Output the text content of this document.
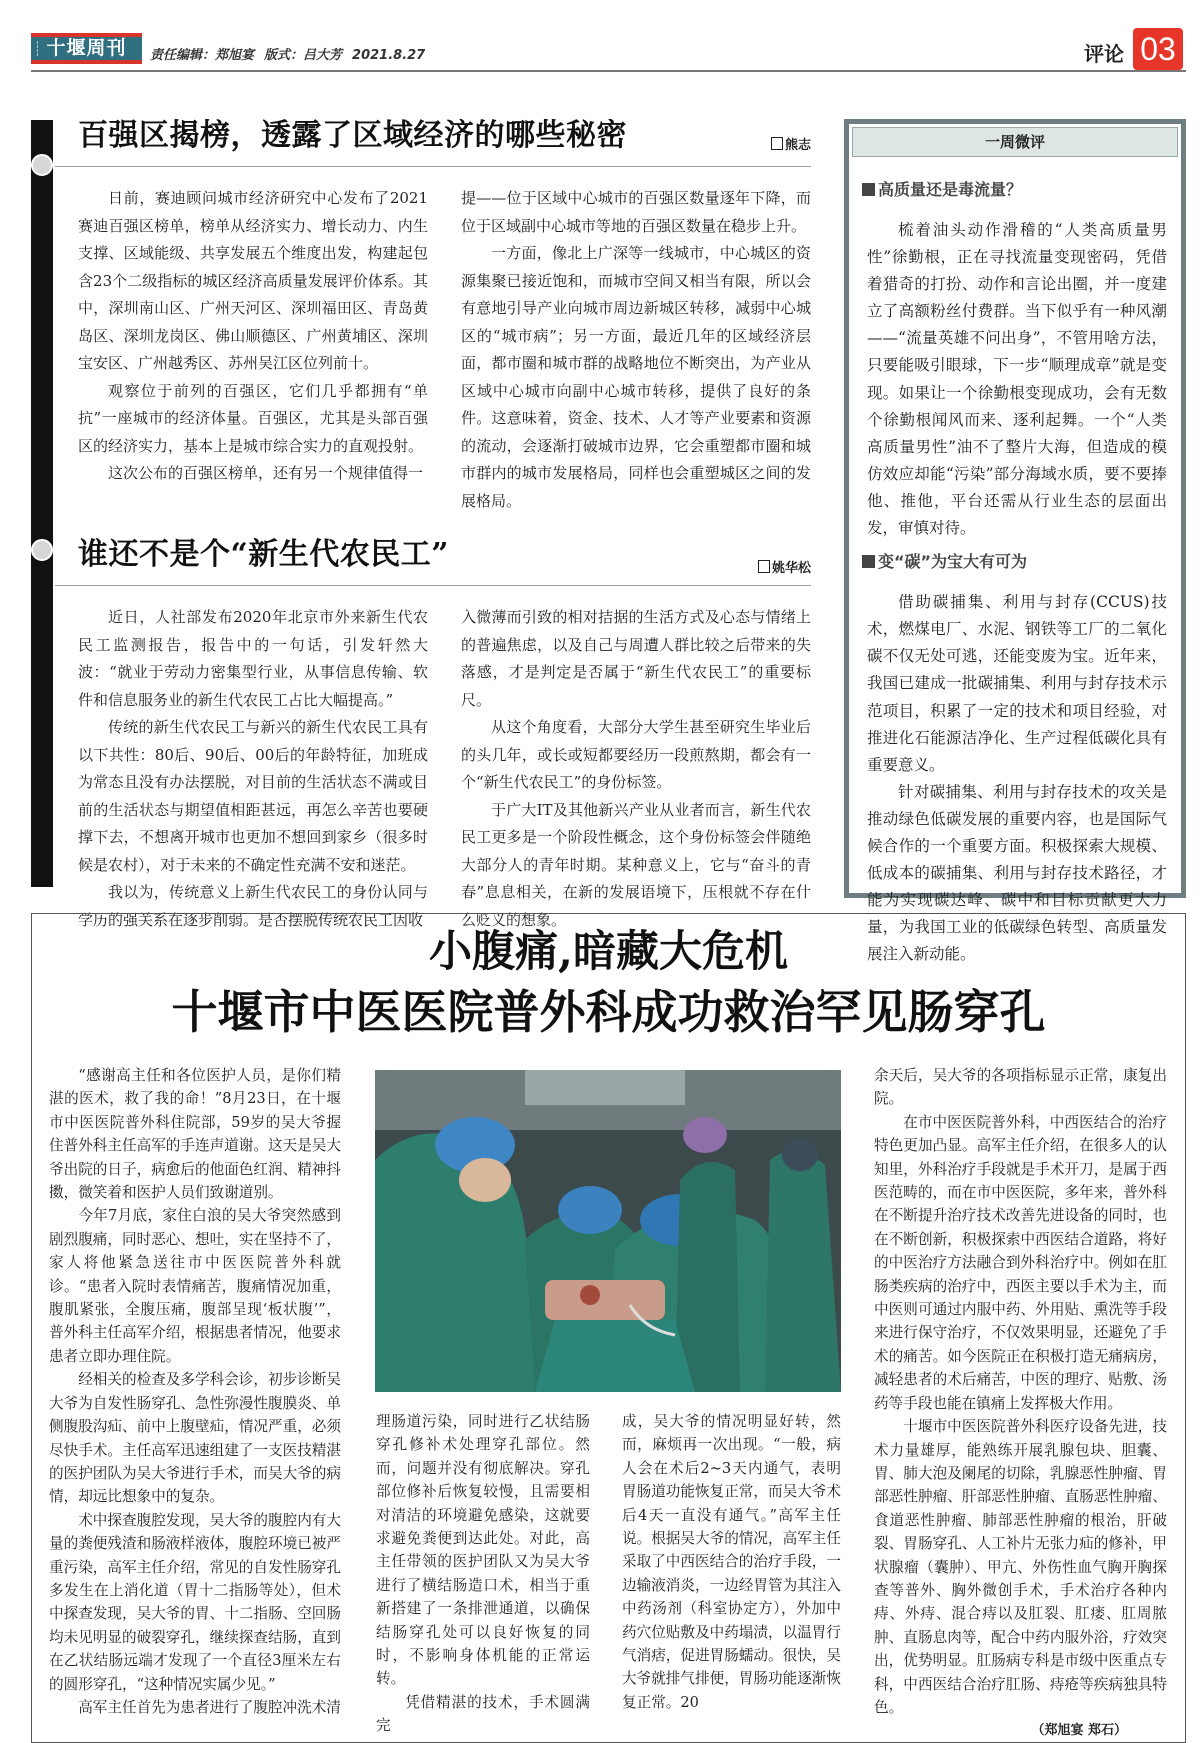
十堰周刊	责任编辑：郑旭宴 版式：吕大芳 2021.8.27	评论 03
百强区揭榜，透露了区域经济的哪些秘密	熊志

日前，赛迪顾问城市经济研究中心发布了2021赛迪百强区榜单，榜单从经济实力、增长动力、内生支撑、区域能级、共享发展五个维度出发，构建起包含23个二级指标的城区经济高质量发展评价体系。其中，深圳南山区、广州天河区、深圳福田区、青岛黄岛区、深圳龙岗区、佛山顺德区、广州黄埔区、深圳宝安区、广州越秀区、苏州吴江区位列前十。

观察位于前列的百强区，它们几乎都拥有“单抗”一座城市的经济体量。百强区，尤其是头部百强区的经济实力，基本上是城市综合实力的直观投射。

这次公布的百强区榜单，还有另一个规律值得一

提——位于区域中心城市的百强区数量逐年下降，而位于区域副中心城市等地的百强区数量在稳步上升。

一方面，像北上广深等一线城市，中心城区的资源集聚已接近饱和，而城市空间又相当有限，所以会有意地引导产业向城市周边新城区转移，减弱中心城区的“城市病”；另一方面，最近几年的区域经济层面，都市圈和城市群的战略地位不断突出，为产业从区域中心城市向副中心城市转移，提供了良好的条件。这意味着，资金、技术、人才等产业要素和资源的流动，会逐渐打破城市边界，它会重塑都市圈和城市群内的城市发展格局，同样也会重塑城区之间的发展格局。

谁还不是个“新生代农民工”	姚华松

近日，人社部发布2020年北京市外来新生代农民工监测报告，报告中的一句话，引发轩然大波：“就业于劳动力密集型行业，从事信息传输、软件和信息服务业的新生代农民工占比大幅提高。”

传统的新生代农民工与新兴的新生代农民工具有以下共性：80后、90后、00后的年龄特征，加班成为常态且没有办法摆脱，对目前的生活状态不满或目前的生活状态与期望值相距甚远，再怎么辛苦也要硬撑下去，不想离开城市也更加不想回到家乡（很多时候是农村），对于未来的不确定性充满不安和迷茫。

我以为，传统意义上新生代农民工的身份认同与学历的强关系在逐步削弱。是否摆脱传统农民工因收

入微薄而引致的相对拮据的生活方式及心态与情绪上的普遍焦虑，以及自己与周遭人群比较之后带来的失落感，才是判定是否属于“新生代农民工”的重要标尺。

从这个角度看，大部分大学生甚至研究生毕业后的头几年，或长或短都要经历一段煎熬期，都会有一个“新生代农民工”的身份标签。

于广大IT及其他新兴产业从业者而言，新生代农民工更多是一个阶段性概念，这个身份标签会伴随绝大部分人的青年时期。某种意义上，它与“奋斗的青春”息息相关，在新的发展语境下，压根就不存在什么贬义的想象。

一周微评
高质量还是毒流量？

梳着油头动作滑稽的“人类高质量男性”徐勤根，正在寻找流量变现密码，凭借着猎奇的打扮、动作和言论出圈，并一度建立了高额粉丝付费群。当下似乎有一种风潮——“流量英雄不问出身”，不管用啥方法，只要能吸引眼球，下一步“顺理成章”就是变现。如果让一个徐勤根变现成功，会有无数个徐勤根闻风而来、逐利起舞。一个“人类高质量男性”油不了整片大海，但造成的模仿效应却能“污染”部分海域水质，要不要捧他、推他，平台还需从行业生态的层面出发，审慎对待。

变“碳”为宝大有可为

借助碳捕集、利用与封存(CCUS)技术，燃煤电厂、水泥、钢铁等工厂的二氧化碳不仅无处可逃，还能变废为宝。近年来，我国已建成一批碳捕集、利用与封存技术示范项目，积累了一定的技术和项目经验，对推进化石能源洁净化、生产过程低碳化具有重要意义。

针对碳捕集、利用与封存技术的攻关是推动绿色低碳发展的重要内容，也是国际气候合作的一个重要方面。积极探索大规模、低成本的碳捕集、利用与封存技术路径，才能为实现碳达峰、碳中和目标贡献更大力量，为我国工业的低碳绿色转型、高质量发展注入新动能。

小腹痛,暗藏大危机
十堰市中医医院普外科成功救治罕见肠穿孔

“感谢高主任和各位医护人员，是你们精湛的医术，救了我的命！”8月23日，在十堰市中医医院普外科住院部，59岁的吴大爷握住普外科主任高军的手连声道谢。这天是吴大爷出院的日子，病愈后的他面色红润、精神抖擞，微笑着和医护人员们致谢道别。

今年7月底，家住白浪的吴大爷突然感到剧烈腹痛，同时恶心、想吐，实在坚持不了，家人将他紧急送往市中医医院普外科就诊。“患者入院时表情痛苦，腹痛情况加重，腹肌紧张，全腹压痛，腹部呈现‘板状腹’”，普外科主任高军介绍，根据患者情况，他要求患者立即办理住院。

经相关的检查及多学科会诊，初步诊断吴大爷为自发性肠穿孔、急性弥漫性腹膜炎、单侧腹股沟疝、前中上腹壁疝，情况严重，必须尽快手术。主任高军迅速组建了一支医技精湛的医护团队为吴大爷进行手术，而吴大爷的病情，却远比想象中的复杂。

术中探查腹腔发现，吴大爷的腹腔内有大量的粪便残渣和肠液样液体，腹腔环境已被严重污染，高军主任介绍，常见的自发性肠穿孔多发生在上消化道（胃十二指肠等处），但术中探查发现，吴大爷的胃、十二指肠、空回肠均未见明显的破裂穿孔，继续探查结肠，直到在乙状结肠远端才发现了一个直径3厘米左右的圆形穿孔，“这种情况实属少见。”

高军主任首先为患者进行了腹腔冲洗术清

理肠道污染，同时进行乙状结肠穿孔修补术处理穿孔部位。然而，问题并没有彻底解决。穿孔部位修补后恢复较慢，且需要相对清洁的环境避免感染，这就要求避免粪便到达此处。对此，高主任带领的医护团队又为吴大爷进行了横结肠造口术，相当于重新搭建了一条排泄通道，以确保结肠穿孔处可以良好恢复的同时，不影响身体机能的正常运转。

凭借精湛的技术，手术圆满完

成，吴大爷的情况明显好转，然而，麻烦再一次出现。“一般，病人会在术后2~3天内通气，表明胃肠道功能恢复正常，而吴大爷术后4天一直没有通气。”高军主任说。根据吴大爷的情况，高军主任采取了中西医结合的治疗手段，一边输液消炎，一边经胃管为其注入中药汤剂（科室协定方），外加中药穴位贴敷及中药塌渍，以温胃行气消痞，促进胃肠蠕动。很快，吴大爷就排气排便，胃肠功能逐渐恢复正常。20

余天后，吴大爷的各项指标显示正常，康复出院。

在市中医医院普外科，中西医结合的治疗特色更加凸显。高军主任介绍，在很多人的认知里，外科治疗手段就是手术开刀，是属于西医范畴的，而在市中医医院，多年来，普外科在不断提升治疗技术改善先进设备的同时，也在不断创新，积极探索中西医结合道路，将好的中医治疗方法融合到外科治疗中。例如在肛肠类疾病的治疗中，西医主要以手术为主，而中医则可通过内服中药、外用贴、熏洗等手段来进行保守治疗，不仅效果明显，还避免了手术的痛苦。如今医院正在积极打造无痛病房，减轻患者的术后痛苦，中医的理疗、贴敷、汤药等手段也能在镇痛上发挥极大作用。

十堰市中医医院普外科医疗设备先进，技术力量雄厚，能熟练开展乳腺包块、胆囊、胃、肺大泡及阑尾的切除，乳腺恶性肿瘤、胃部恶性肿瘤、肝部恶性肿瘤、直肠恶性肿瘤、食道恶性肿瘤、肺部恶性肿瘤的根治，肝破裂、胃肠穿孔、人工补片无张力疝的修补，甲状腺瘤（囊肿）、甲亢、外伤性血气胸开胸探查等普外、胸外微创手术，手术治疗各种内痔、外痔、混合痔以及肛裂、肛瘘、肛周脓肿、直肠息肉等，配合中药内服外浴，疗效突出，优势明显。肛肠病专科是市级中医重点专科，中西医结合治疗肛肠、痔疮等疾病独具特色。

（郑旭宴 郑石）
